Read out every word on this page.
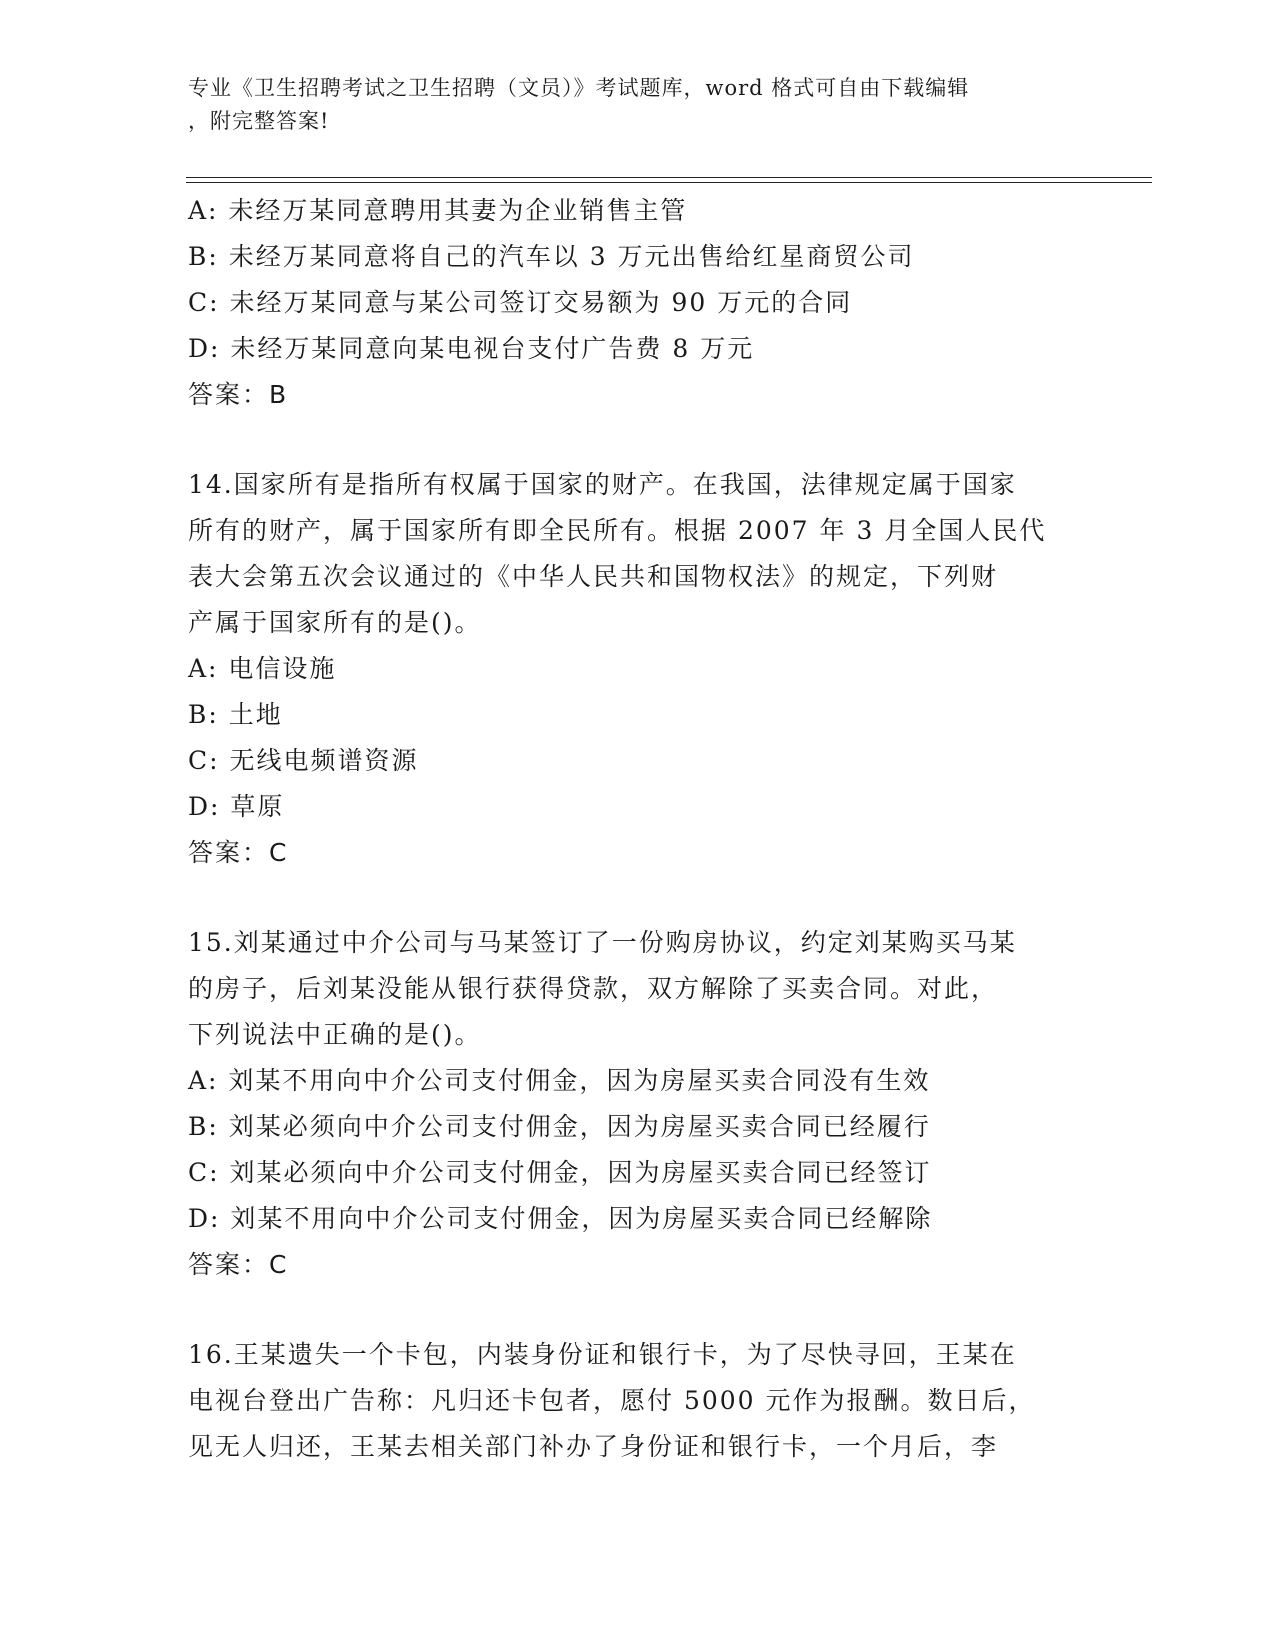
专业《卫生招聘考试之卫生招聘（文员）》考试题库，word 格式可自由下载编辑
，附完整答案!
A: 未经万某同意聘用其妻为企业销售主管
B: 未经万某同意将自己的汽车以 3 万元出售给红星商贸公司
C: 未经万某同意与某公司签订交易额为 90 万元的合同
D: 未经万某同意向某电视台支付广告费 8 万元
答案：B
14.国家所有是指所有权属于国家的财产。在我国，法律规定属于国家
所有的财产，属于国家所有即全民所有。根据 2007 年 3 月全国人民代
表大会第五次会议通过的《中华人民共和国物权法》的规定，下列财
产属于国家所有的是()。
A: 电信设施
B: 土地
C: 无线电频谱资源
D: 草原
答案：C
15.刘某通过中介公司与马某签订了一份购房协议，约定刘某购买马某
的房子，后刘某没能从银行获得贷款，双方解除了买卖合同。对此，
下列说法中正确的是()。
A: 刘某不用向中介公司支付佣金，因为房屋买卖合同没有生效
B: 刘某必须向中介公司支付佣金，因为房屋买卖合同已经履行
C: 刘某必须向中介公司支付佣金，因为房屋买卖合同已经签订
D: 刘某不用向中介公司支付佣金，因为房屋买卖合同已经解除
答案：C
16.王某遗失一个卡包，内装身份证和银行卡，为了尽快寻回，王某在
电视台登出广告称：凡归还卡包者，愿付 5000 元作为报酬。数日后，
见无人归还，王某去相关部门补办了身份证和银行卡，一个月后，李
